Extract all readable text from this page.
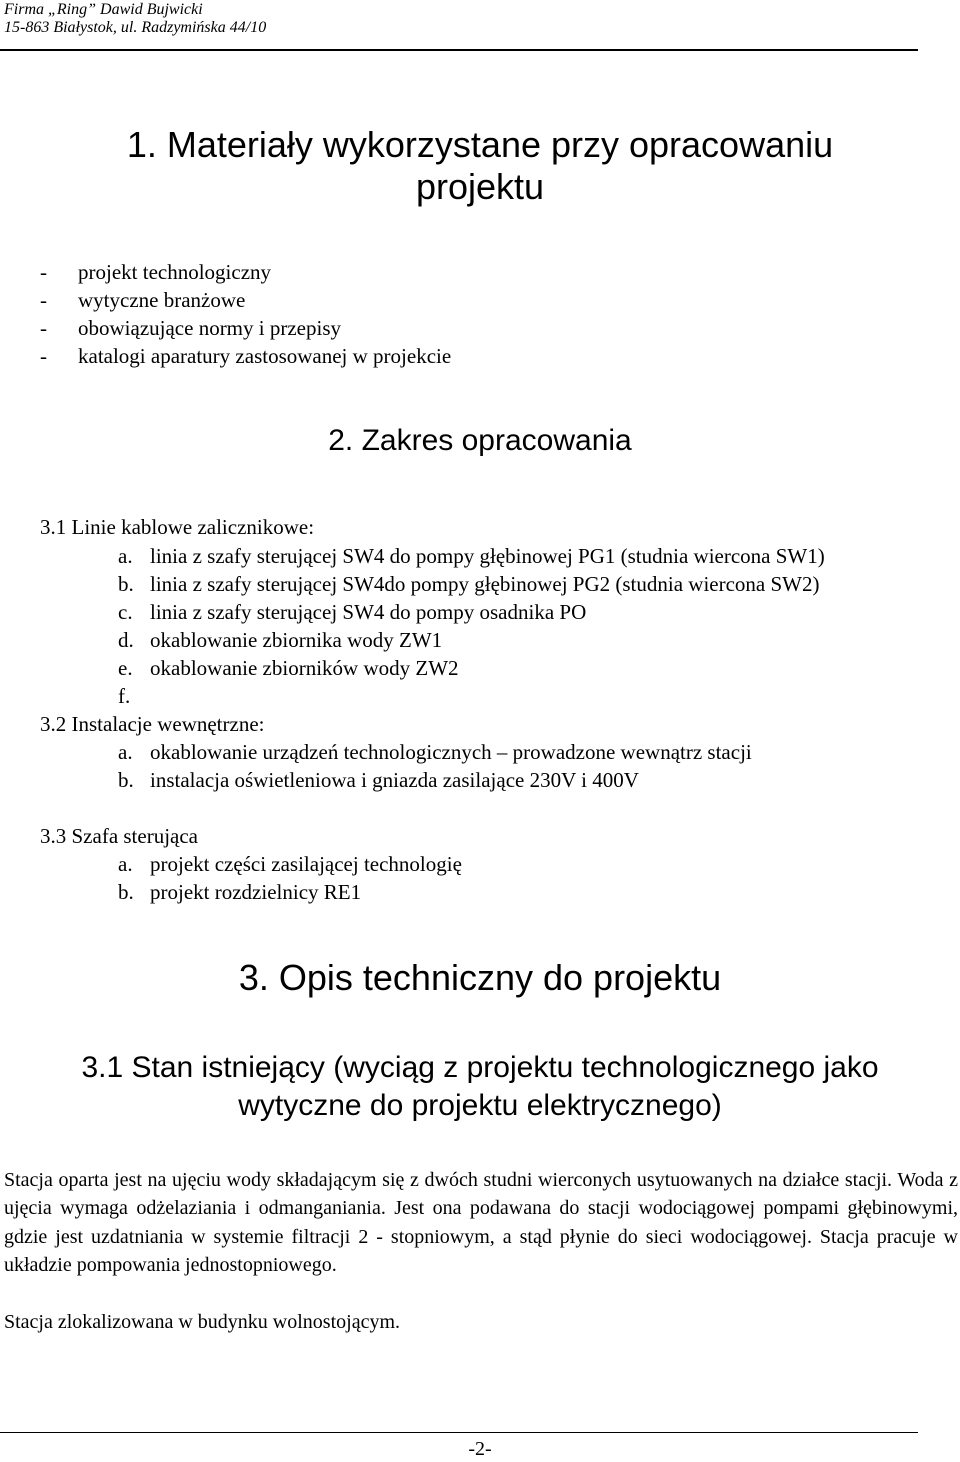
Firma „Ring” Dawid Bujwicki
15-863 Białystok, ul. Radzymińska 44/10
1. Materiały wykorzystane przy opracowaniu
projektu
- projekt technologiczny
- wytyczne branżowe
- obowiązujące normy i przepisy
- katalogi aparatury zastosowanej w projekcie
2. Zakres opracowania
3.1 Linie kablowe zalicznikowe:
a. linia z szafy sterującej SW4 do pompy głębinowej PG1 (studnia wiercona SW1)
b. linia z szafy sterującej SW4do pompy głębinowej PG2 (studnia wiercona SW2)
c. linia z szafy sterującej SW4 do pompy osadnika PO
d. okablowanie zbiornika wody ZW1
e. okablowanie zbiorników wody ZW2
f.
3.2 Instalacje wewnętrzne:
a. okablowanie urządzeń technologicznych – prowadzone wewnątrz stacji
b. instalacja oświetleniowa i gniazda zasilające 230V i 400V
3.3 Szafa sterująca
a. projekt części zasilającej technologię
b. projekt rozdzielnicy RE1
3. Opis techniczny do projektu
3.1 Stan istniejący (wyciąg z projektu technologicznego jako
wytyczne do projektu elektrycznego)
Stacja oparta jest na ujęciu wody składającym się z dwóch studni wierconych usytuowanych na działce stacji. Woda z ujęcia wymaga odżelaziania i odmanganiania. Jest ona podawana do stacji wodociągowej pompami głębinowymi, gdzie jest uzdatniania w systemie filtracji 2 - stopniowym, a stąd płynie do sieci wodociągowej. Stacja pracuje w układzie pompowania jednostopniowego.
Stacja zlokalizowana w budynku wolnostojącym.
-2-
